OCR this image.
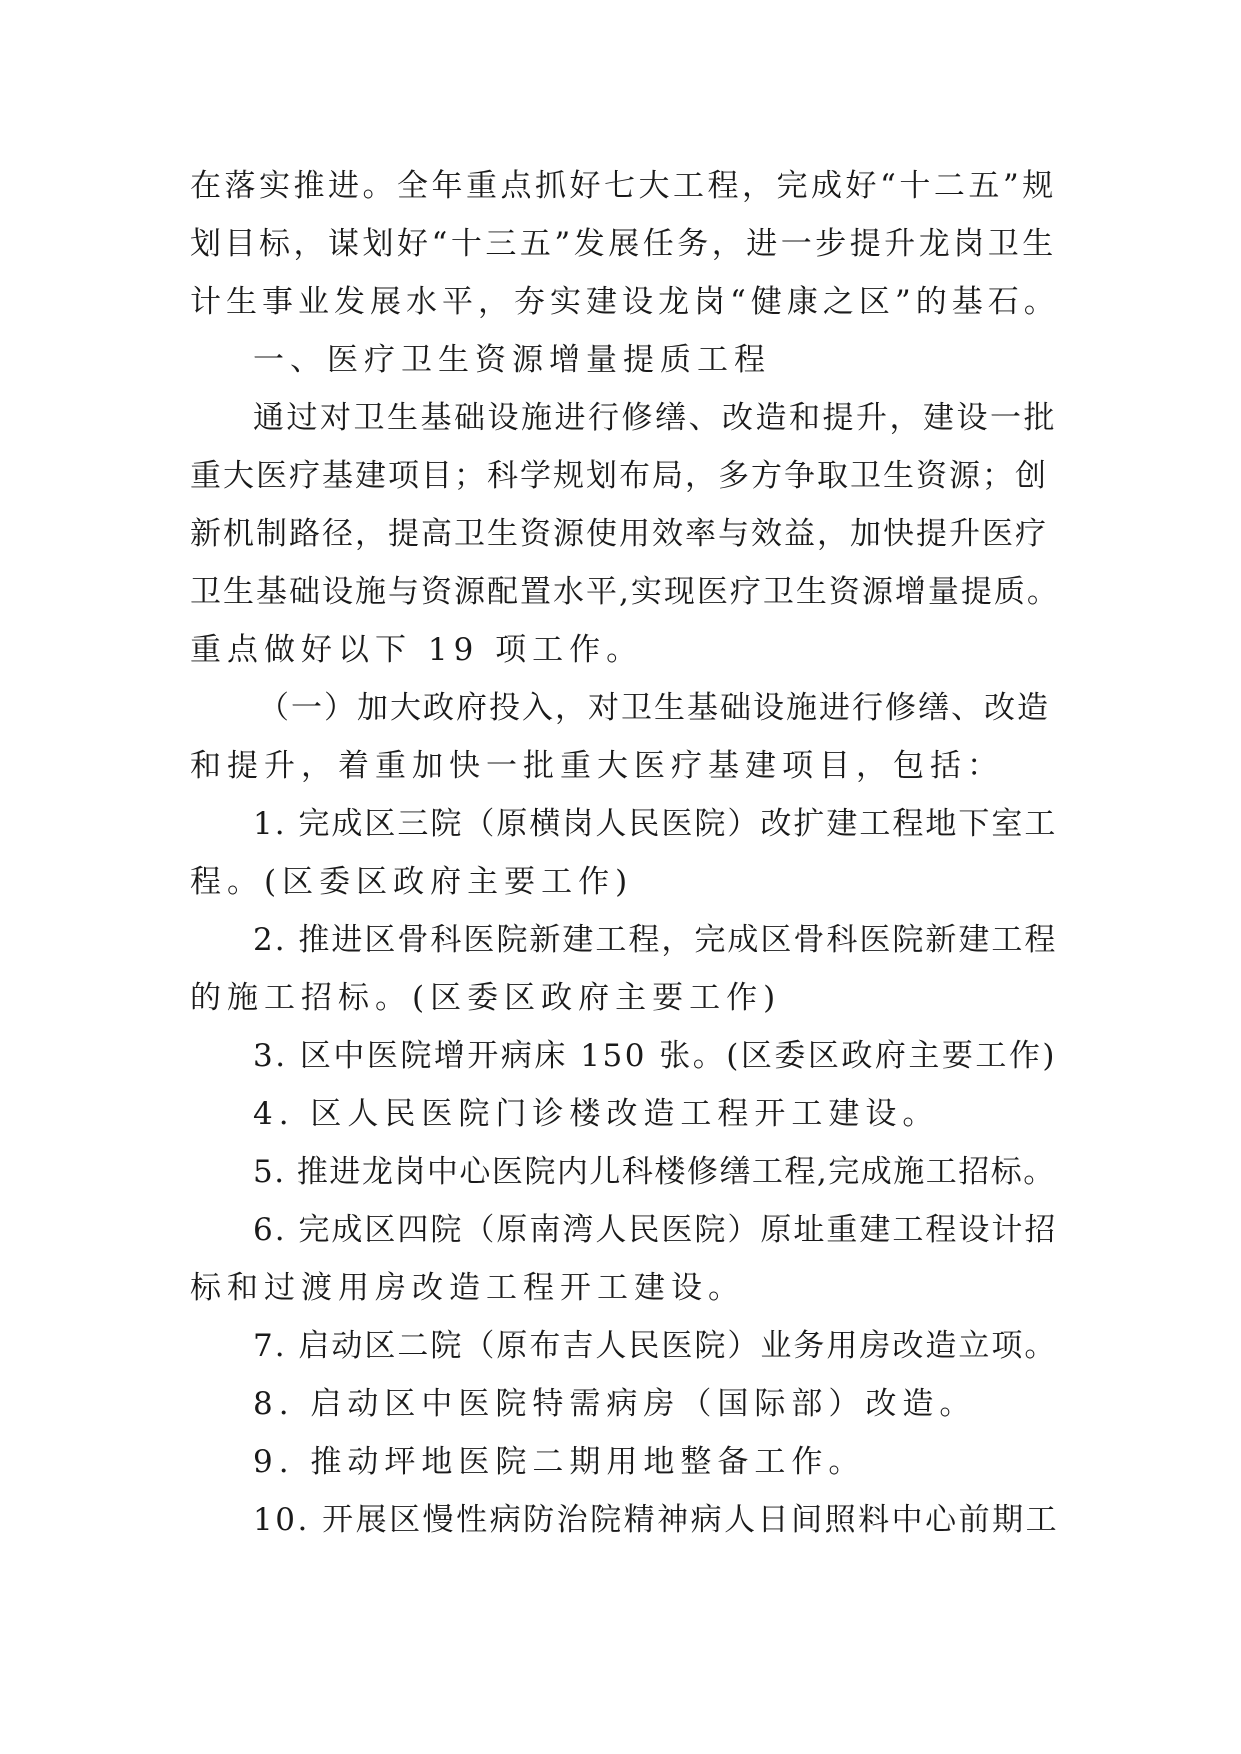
在落实推进。全年重点抓好七大工程，完成好“十二五”规
划目标，谋划好“十三五”发展任务，进一步提升龙岗卫生
计生事业发展水平，夯实建设龙岗“健康之区”的基石。
一、医疗卫生资源增量提质工程
通过对卫生基础设施进行修缮、改造和提升，建设一批
重大医疗基建项目；科学规划布局，多方争取卫生资源；创
新机制路径，提高卫生资源使用效率与效益，加快提升医疗
卫生基础设施与资源配置水平,实现医疗卫生资源增量提质。
重点做好以下 19 项工作。
（一）加大政府投入，对卫生基础设施进行修缮、改造
和提升，着重加快一批重大医疗基建项目，包括：
1. 完成区三院（原横岗人民医院）改扩建工程地下室工
程。(区委区政府主要工作)
2. 推进区骨科医院新建工程，完成区骨科医院新建工程
的施工招标。(区委区政府主要工作)
3. 区中医院增开病床 150 张。(区委区政府主要工作)
4. 区人民医院门诊楼改造工程开工建设。
5. 推进龙岗中心医院内儿科楼修缮工程,完成施工招标。
6. 完成区四院（原南湾人民医院）原址重建工程设计招
标和过渡用房改造工程开工建设。
7. 启动区二院（原布吉人民医院）业务用房改造立项。
8. 启动区中医院特需病房（国际部）改造。
9. 推动坪地医院二期用地整备工作。
10. 开展区慢性病防治院精神病人日间照料中心前期工
